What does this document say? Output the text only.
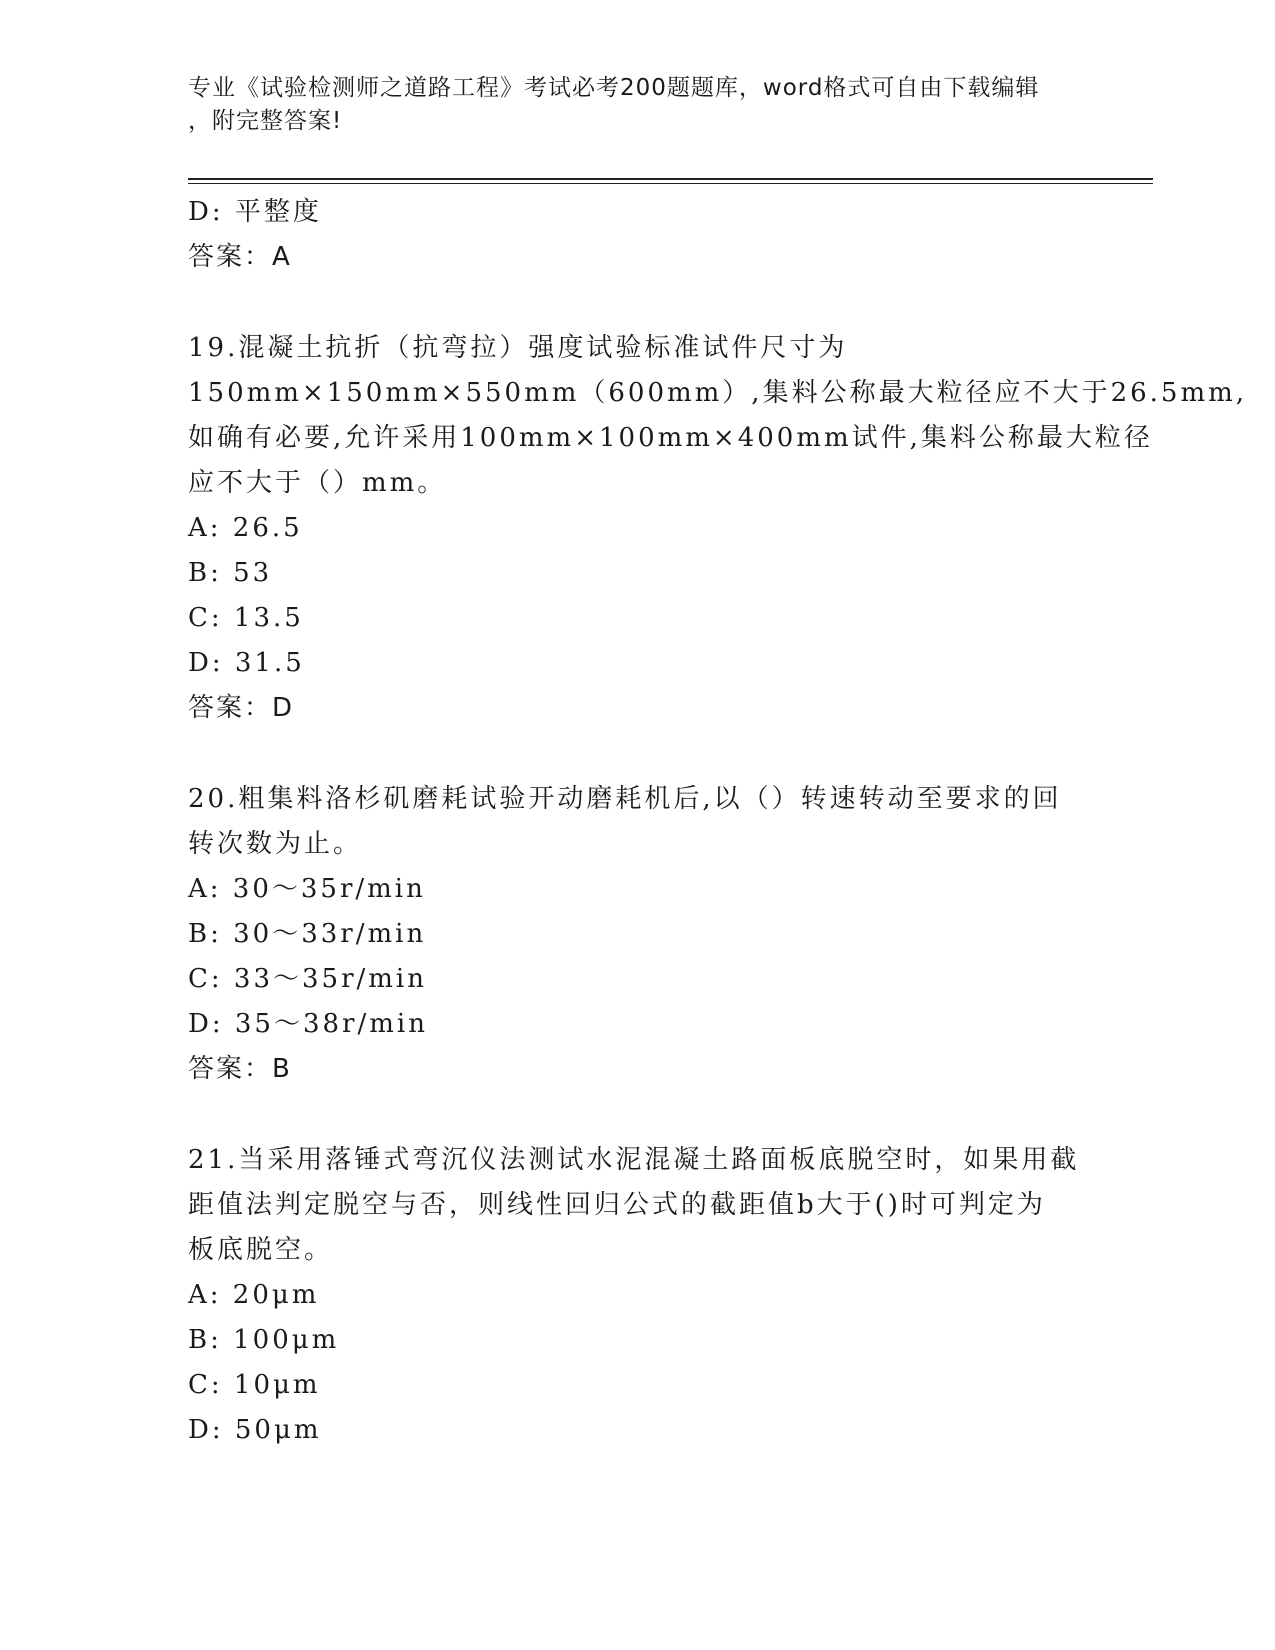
专业《试验检测师之道路工程》考试必考200题题库，word格式可自由下载编辑
，附完整答案!
D: 平整度
答案：A
19.混凝土抗折（抗弯拉）强度试验标准试件尺寸为
150mm×150mm×550mm（600mm）,集料公称最大粒径应不大于26.5mm,
如确有必要,允许采用100mm×100mm×400mm试件,集料公称最大粒径
应不大于（）mm。
A: 26.5
B: 53
C: 13.5
D: 31.5
答案：D
20.粗集料洛杉矶磨耗试验开动磨耗机后,以（）转速转动至要求的回
转次数为止。
A: 30～35r/min
B: 30～33r/min
C: 33～35r/min
D: 35～38r/min
答案：B
21.当采用落锤式弯沉仪法测试水泥混凝土路面板底脱空时，如果用截
距值法判定脱空与否，则线性回归公式的截距值b大于()时可判定为
板底脱空。
A: 20μm
B: 100μm
C: 10μm
D: 50μm
